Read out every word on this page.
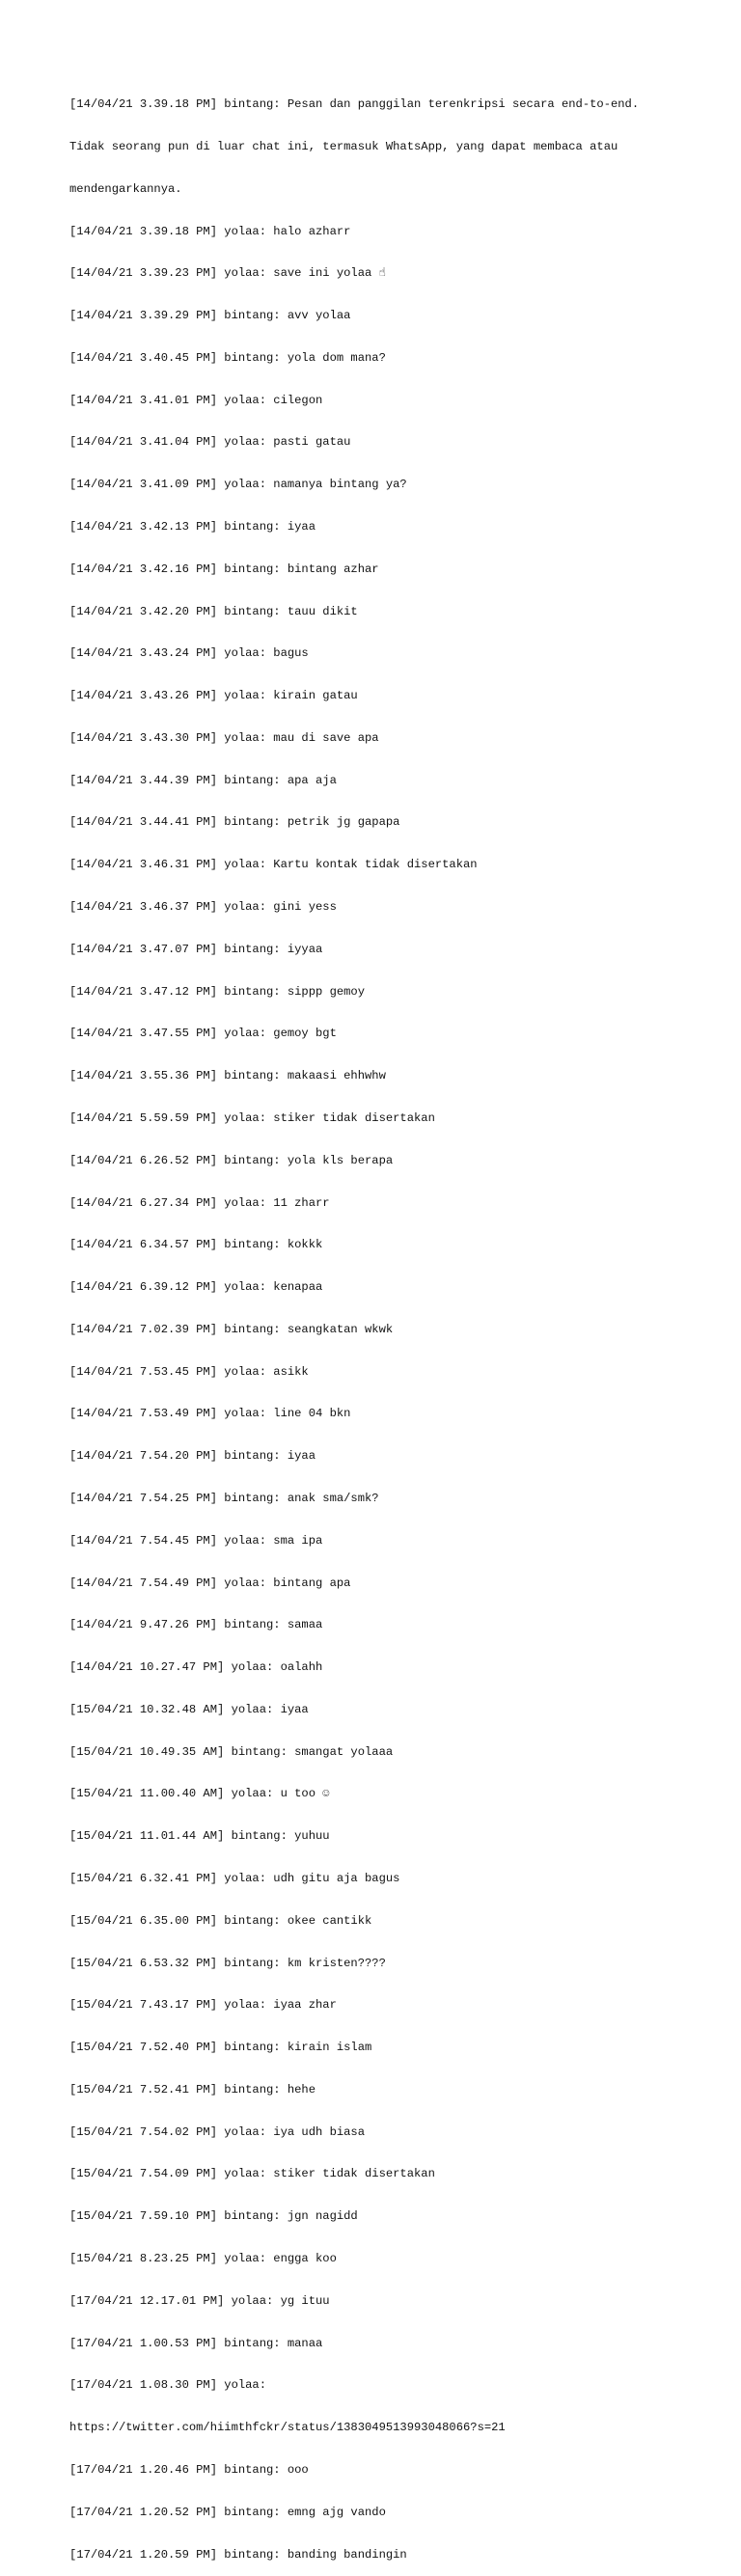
[14/04/21 3.39.18 PM] bintang: Pesan dan panggilan terenkripsi secara end-to-end.

Tidak seorang pun di luar chat ini, termasuk WhatsApp, yang dapat membaca atau

mendengarkannya.

[14/04/21 3.39.18 PM] yolaa: halo azharr

[14/04/21 3.39.23 PM] yolaa: save ini yolaa ☝

[14/04/21 3.39.29 PM] bintang: avv yolaa

[14/04/21 3.40.45 PM] bintang: yola dom mana?

[14/04/21 3.41.01 PM] yolaa: cilegon

[14/04/21 3.41.04 PM] yolaa: pasti gatau

[14/04/21 3.41.09 PM] yolaa: namanya bintang ya?

[14/04/21 3.42.13 PM] bintang: iyaa

[14/04/21 3.42.16 PM] bintang: bintang azhar

[14/04/21 3.42.20 PM] bintang: tauu dikit

[14/04/21 3.43.24 PM] yolaa: bagus

[14/04/21 3.43.26 PM] yolaa: kirain gatau

[14/04/21 3.43.30 PM] yolaa: mau di save apa

[14/04/21 3.44.39 PM] bintang: apa aja

[14/04/21 3.44.41 PM] bintang: petrik jg gapapa

[14/04/21 3.46.31 PM] yolaa: Kartu kontak tidak disertakan

[14/04/21 3.46.37 PM] yolaa: gini yess

[14/04/21 3.47.07 PM] bintang: iyyaa

[14/04/21 3.47.12 PM] bintang: sippp gemoy

[14/04/21 3.47.55 PM] yolaa: gemoy bgt

[14/04/21 3.55.36 PM] bintang: makaasi ehhwhw

[14/04/21 5.59.59 PM] yolaa: stiker tidak disertakan

[14/04/21 6.26.52 PM] bintang: yola kls berapa

[14/04/21 6.27.34 PM] yolaa: 11 zharr

[14/04/21 6.34.57 PM] bintang: kokkk

[14/04/21 6.39.12 PM] yolaa: kenapaa

[14/04/21 7.02.39 PM] bintang: seangkatan wkwk

[14/04/21 7.53.45 PM] yolaa: asikk

[14/04/21 7.53.49 PM] yolaa: line 04 bkn

[14/04/21 7.54.20 PM] bintang: iyaa

[14/04/21 7.54.25 PM] bintang: anak sma/smk?

[14/04/21 7.54.45 PM] yolaa: sma ipa

[14/04/21 7.54.49 PM] yolaa: bintang apa

[14/04/21 9.47.26 PM] bintang: samaa

[14/04/21 10.27.47 PM] yolaa: oalahh

[15/04/21 10.32.48 AM] yolaa: iyaa

[15/04/21 10.49.35 AM] bintang: smangat yolaaa

[15/04/21 11.00.40 AM] yolaa: u too ☺

[15/04/21 11.01.44 AM] bintang: yuhuu

[15/04/21 6.32.41 PM] yolaa: udh gitu aja bagus

[15/04/21 6.35.00 PM] bintang: okee cantikk

[15/04/21 6.53.32 PM] bintang: km kristen????

[15/04/21 7.43.17 PM] yolaa: iyaa zhar

[15/04/21 7.52.40 PM] bintang: kirain islam

[15/04/21 7.52.41 PM] bintang: hehe

[15/04/21 7.54.02 PM] yolaa: iya udh biasa

[15/04/21 7.54.09 PM] yolaa: stiker tidak disertakan

[15/04/21 7.59.10 PM] bintang: jgn nagidd

[15/04/21 8.23.25 PM] yolaa: engga koo

[17/04/21 12.17.01 PM] yolaa: yg ituu

[17/04/21 1.00.53 PM] bintang: manaa

[17/04/21 1.08.30 PM] yolaa:

https://twitter.com/hiimthfckr/status/1383049513993048066?s=21

[17/04/21 1.20.46 PM] bintang: ooo

[17/04/21 1.20.52 PM] bintang: emng ajg vando

[17/04/21 1.20.59 PM] bintang: banding bandingin
